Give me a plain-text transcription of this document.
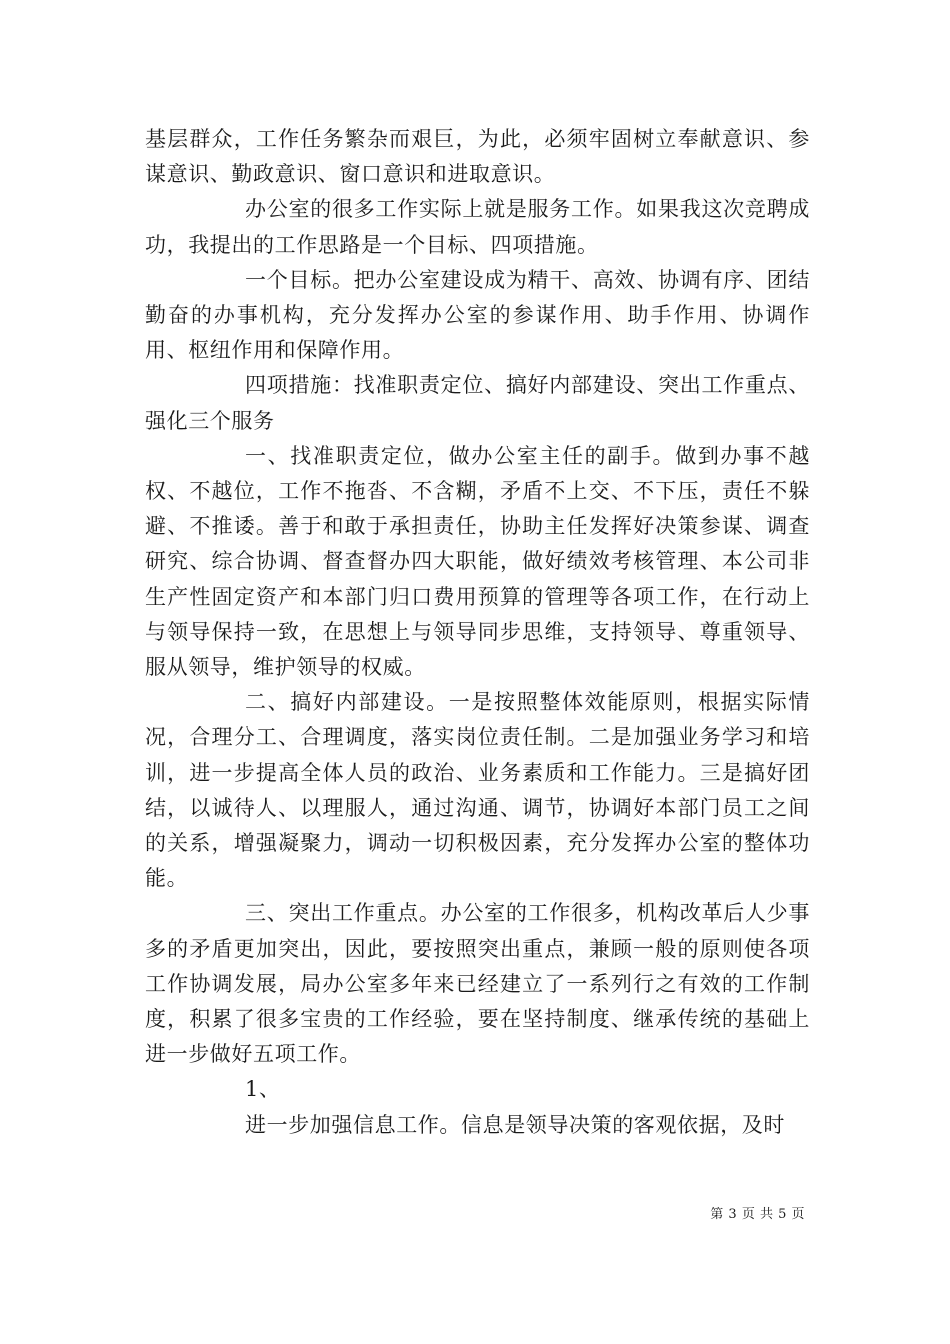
基层群众，工作任务繁杂而艰巨，为此，必须牢固树立奉献意识、参谋意识、勤政意识、窗口意识和进取意识。

办公室的很多工作实际上就是服务工作。如果我这次竞聘成功，我提出的工作思路是一个目标、四项措施。

一个目标。把办公室建设成为精干、高效、协调有序、团结勤奋的办事机构，充分发挥办公室的参谋作用、助手作用、协调作用、枢纽作用和保障作用。

四项措施：找准职责定位、搞好内部建设、突出工作重点、强化三个服务

一、找准职责定位，做办公室主任的副手。做到办事不越权、不越位，工作不拖沓、不含糊，矛盾不上交、不下压，责任不躲避、不推诿。善于和敢于承担责任，协助主任发挥好决策参谋、调查研究、综合协调、督查督办四大职能，做好绩效考核管理、本公司非生产性固定资产和本部门归口费用预算的管理等各项工作，在行动上与领导保持一致，在思想上与领导同步思维，支持领导、尊重领导、服从领导，维护领导的权威。

二、搞好内部建设。一是按照整体效能原则，根据实际情况，合理分工、合理调度，落实岗位责任制。二是加强业务学习和培训，进一步提高全体人员的政治、业务素质和工作能力。三是搞好团结，以诚待人、以理服人，通过沟通、调节，协调好本部门员工之间的关系，增强凝聚力，调动一切积极因素，充分发挥办公室的整体功能。

三、突出工作重点。办公室的工作很多，机构改革后人少事多的矛盾更加突出，因此，要按照突出重点，兼顾一般的原则使各项工作协调发展，局办公室多年来已经建立了一系列行之有效的工作制度，积累了很多宝贵的工作经验，要在坚持制度、继承传统的基础上进一步做好五项工作。

1、

进一步加强信息工作。信息是领导决策的客观依据，及时

第 3 页 共 5 页
